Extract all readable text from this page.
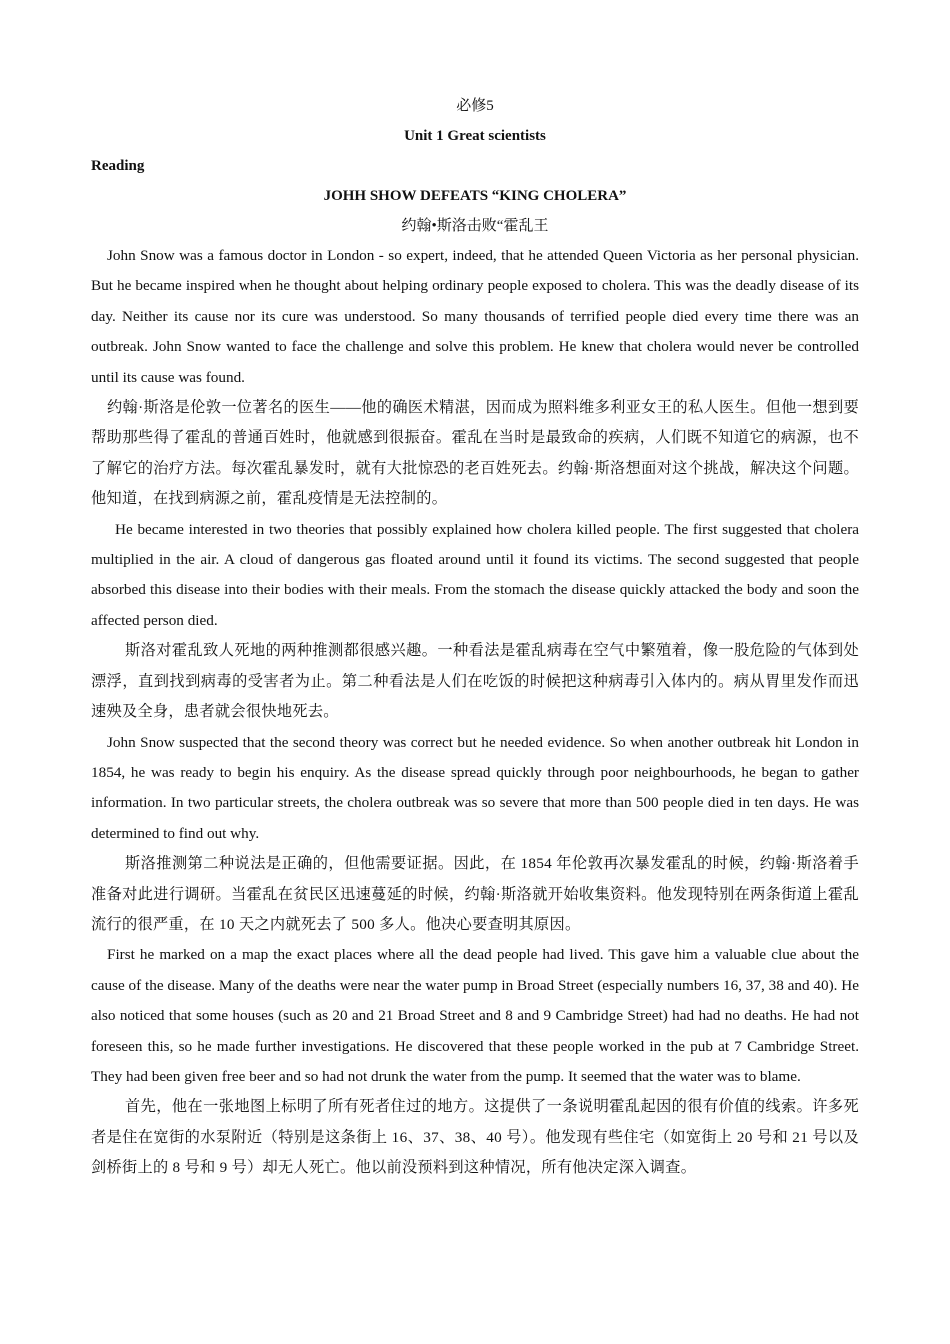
必修5
Unit 1 Great scientists
Reading
JOHH SHOW DEFEATS “KING CHOLERA”
约翰•斯洛击败“霍乱王

John Snow was a famous doctor in London - so expert, indeed, that he attended Queen Victoria as her personal physician. But he became inspired when he thought about helping ordinary people exposed to cholera. This was the deadly disease of its day. Neither its cause nor its cure was understood. So many thousands of terrified people died every time there was an outbreak. John Snow wanted to face the challenge and solve this problem. He knew that cholera would never be controlled until its cause was found.

约翰·斯洛是伦敦一位著名的医生——他的确医术精湛，因而成为照料维多利亚女王的私人医生。但他一想到要帮助那些得了霍乱的普通百姓时，他就感到很振奋。霍乱在当时是最致命的疾病，人们既不知道它的病源，也不了解它的治疗方法。每次霍乱暴发时，就有大批惊恐的老百姓死去。约翰·斯洛想面对这个挑战，解决这个问题。他知道，在找到病源之前，霍乱疫情是无法控制的。

He became interested in two theories that possibly explained how cholera killed people. The first suggested that cholera multiplied in the air. A cloud of dangerous gas floated around until it found its victims. The second suggested that people absorbed this disease into their bodies with their meals. From the stomach the disease quickly attacked the body and soon the affected person died.

斯洛对霍乱致人死地的两种推测都很感兴趣。一种看法是霍乱病毒在空气中繁殖着，像一股危险的气体到处漂浮，直到找到病毒的受害者为止。第二种看法是人们在吃饭的时候把这种病毒引入体内的。病从胃里发作而迅速殃及全身，患者就会很快地死去。

John Snow suspected that the second theory was correct but he needed evidence. So when another outbreak hit London in 1854, he was ready to begin his enquiry. As the disease spread quickly through poor neighbourhoods, he began to gather information. In two particular streets, the cholera outbreak was so severe that more than 500 people died in ten days. He was determined to find out why.

斯洛推测第二种说法是正确的，但他需要证据。因此，在 1854 年伦敦再次暴发霍乱的时候，约翰·斯洛着手准备对此进行调研。当霍乱在贫民区迅速蔓延的时候，约翰·斯洛就开始收集资料。他发现特别在两条街道上霍乱流行的很严重，在 10 天之内就死去了 500 多人。他决心要查明其原因。

First he marked on a map the exact places where all the dead people had lived. This gave him a valuable clue about the cause of the disease. Many of the deaths were near the water pump in Broad Street (especially numbers 16, 37, 38 and 40). He also noticed that some houses (such as 20 and 21 Broad Street and 8 and 9 Cambridge Street) had had no deaths. He had not foreseen this, so he made further investigations. He discovered that these people worked in the pub at 7 Cambridge Street. They had been given free beer and so had not drunk the water from the pump. It seemed that the water was to blame.

首先，他在一张地图上标明了所有死者住过的地方。这提供了一条说明霍乱起因的很有价值的线索。许多死者是住在宽街的水泵附近（特别是这条街上 16、37、38、40 号）。他发现有些住宅（如宽街上 20 号和 21 号以及剑桥街上的 8 号和 9 号）却无人死亡。他以前没预料到这种情况，所有他决定深入调查。
